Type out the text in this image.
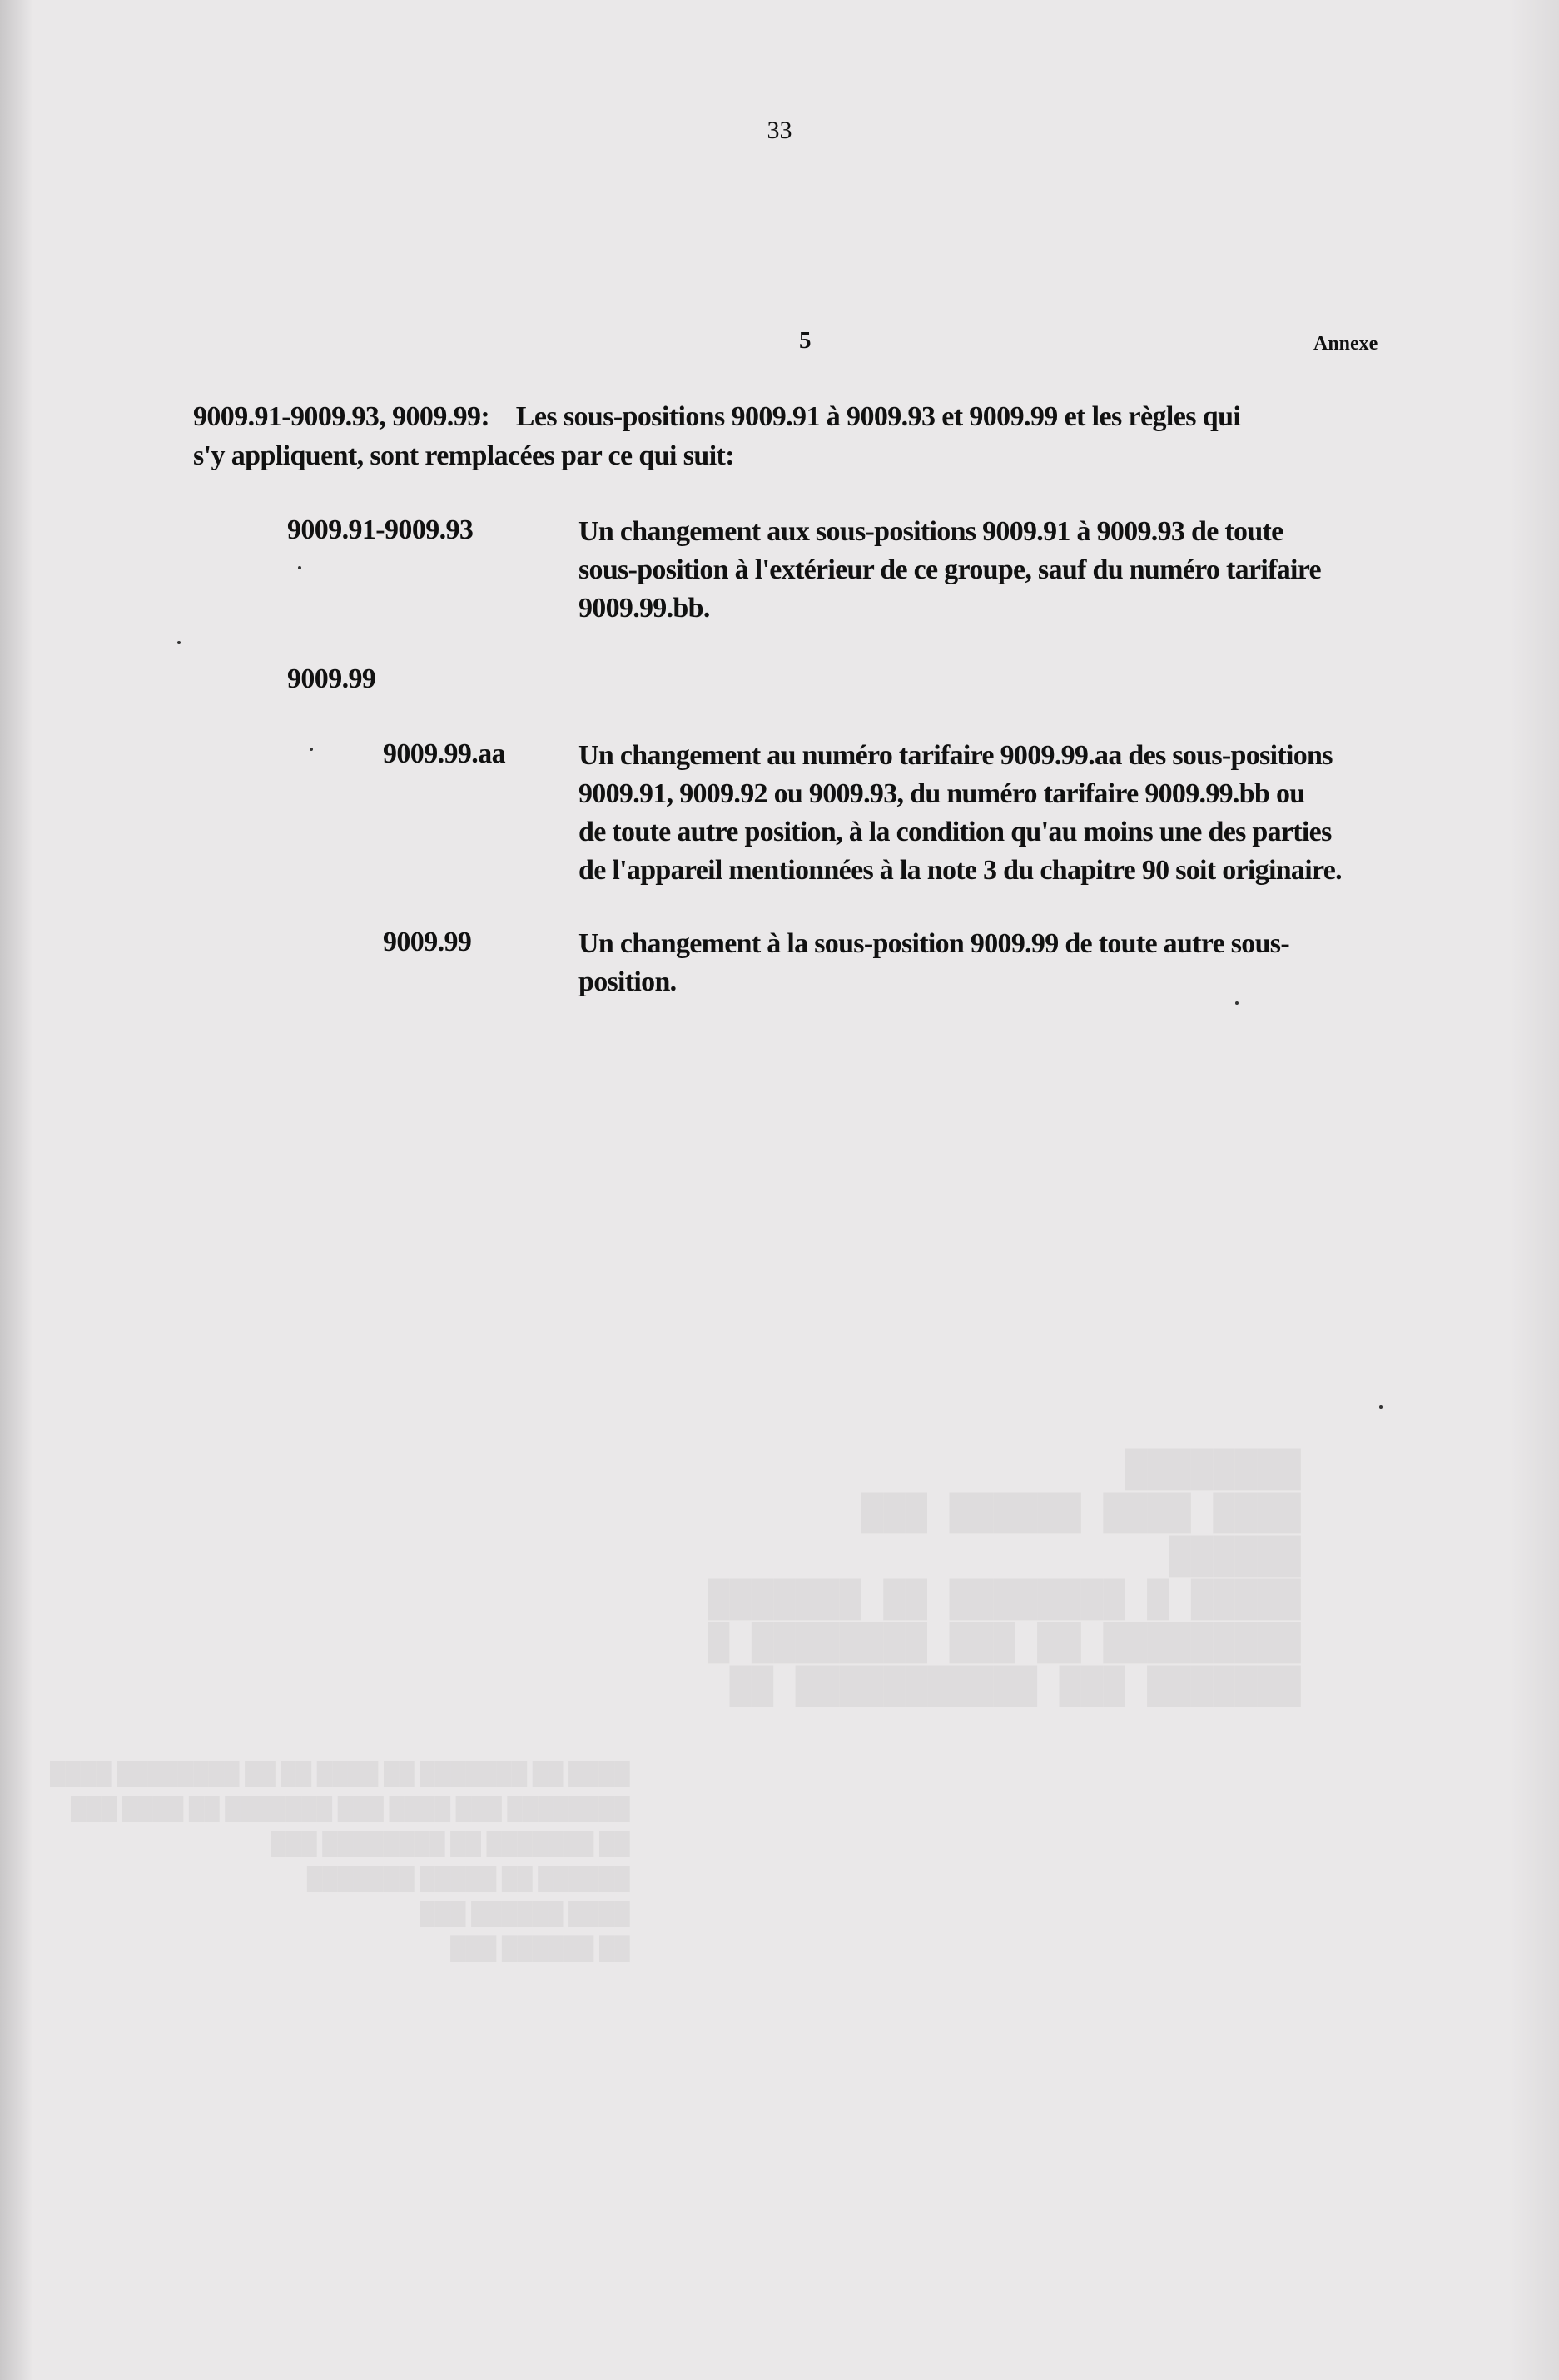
████████
████ ████ ██████ ███
██████
█████ █ ████████ ██ ███████
█████████ ██ ███ ████████ █
███████ ███ ███████████ ██
████ ██ ███████ ██ ████ ██ ██ ████████ ████
████████ ███ ████ ███ ███████ ██ ████ ███
██ ███████ ██ ████████ ███
██████ ██ █████ ███████
████ ██████ ███
██ ██████ ███
33
5	Annexe
9009.91-9009.93, 9009.99: Les sous-positions 9009.91 à 9009.93 et 9009.99 et les règles qui
s'y appliquent, sont remplacées par ce qui suit:
9009.91-9009.93	Un changement aux sous-positions 9009.91 à 9009.93 de toute
sous-position à l'extérieur de ce groupe, sauf du numéro tarifaire
9009.99.bb.
9009.99
9009.99.aa	Un changement au numéro tarifaire 9009.99.aa des sous-positions
9009.91, 9009.92 ou 9009.93, du numéro tarifaire 9009.99.bb ou
de toute autre position, à la condition qu'au moins une des parties
de l'appareil mentionnées à la note 3 du chapitre 90 soit originaire.
9009.99	Un changement à la sous-position 9009.99 de toute autre sous-
position.
